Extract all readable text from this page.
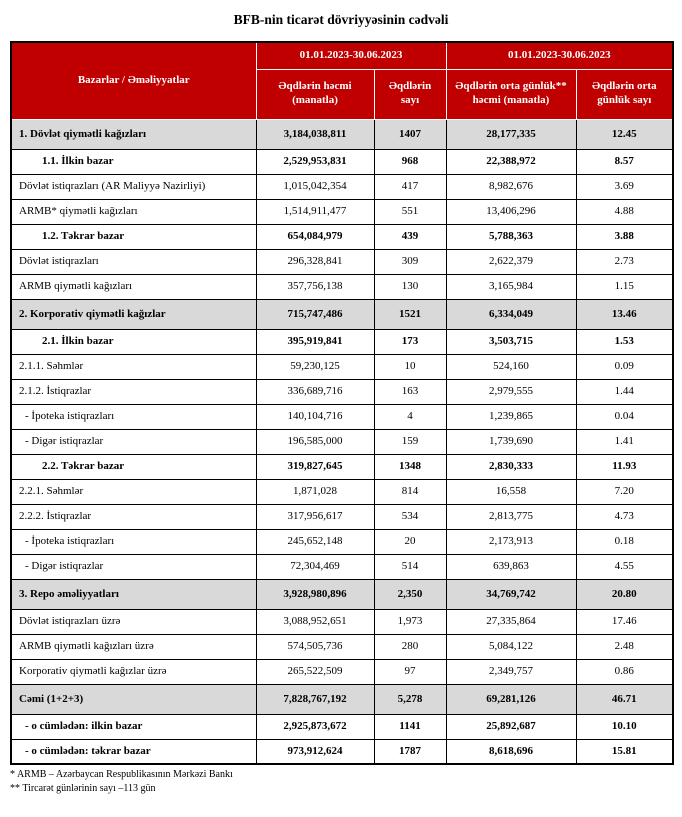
BFB-nin ticarət dövriyyəsinin cədvəli
Bazarlar / Əməliyyatlar	01.01.2023-30.06.2023		01.01.2023-30.06.2023	
	Əqdlərin həcmi (manatla)	Əqdlərin sayı	Əqdlərin orta günlük** həcmi (manatla)	Əqdlərin orta günlük sayı
1. Dövlət qiymətli kağızları	3,184,038,811	1407	28,177,335	12.45
1.1. İlkin bazar	2,529,953,831	968	22,388,972	8.57
Dövlət istiqrazları (AR Maliyyə Nazirliyi)	1,015,042,354	417	8,982,676	3.69
ARMB* qiymətli kağızları	1,514,911,477	551	13,406,296	4.88
1.2. Təkrar bazar	654,084,979	439	5,788,363	3.88
Dövlət istiqrazları	296,328,841	309	2,622,379	2.73
ARMB qiymətli kağızları	357,756,138	130	3,165,984	1.15
2. Korporativ qiymətli kağızlar	715,747,486	1521	6,334,049	13.46
2.1. İlkin bazar	395,919,841	173	3,503,715	1.53
2.1.1. Səhmlər	59,230,125	10	524,160	0.09
2.1.2. İstiqrazlar	336,689,716	163	2,979,555	1.44
- İpoteka istiqrazları	140,104,716	4	1,239,865	0.04
- Digər istiqrazlar	196,585,000	159	1,739,690	1.41
2.2. Təkrar bazar	319,827,645	1348	2,830,333	11.93
2.2.1. Səhmlər	1,871,028	814	16,558	7.20
2.2.2. İstiqrazlar	317,956,617	534	2,813,775	4.73
- İpoteka istiqrazları	245,652,148	20	2,173,913	0.18
- Digər istiqrazlar	72,304,469	514	639,863	4.55
3. Repo əməliyyatları	3,928,980,896	2,350	34,769,742	20.80
Dövlət istiqrazları üzrə	3,088,952,651	1,973	27,335,864	17.46
ARMB qiymətli kağızları üzrə	574,505,736	280	5,084,122	2.48
Korporativ qiymətli kağızlar üzrə	265,522,509	97	2,349,757	0.86
Cəmi (1+2+3)	7,828,767,192	5,278	69,281,126	46.71
- o cümlədən: ilkin bazar	2,925,873,672	1141	25,892,687	10.10
- o cümlədən: təkrar bazar	973,912,624	1787	8,618,696	15.81

* ARMB – Azərbaycan Respublikasının Mərkəzi Bankı

** Tircarət günlərinin sayı –113 gün
